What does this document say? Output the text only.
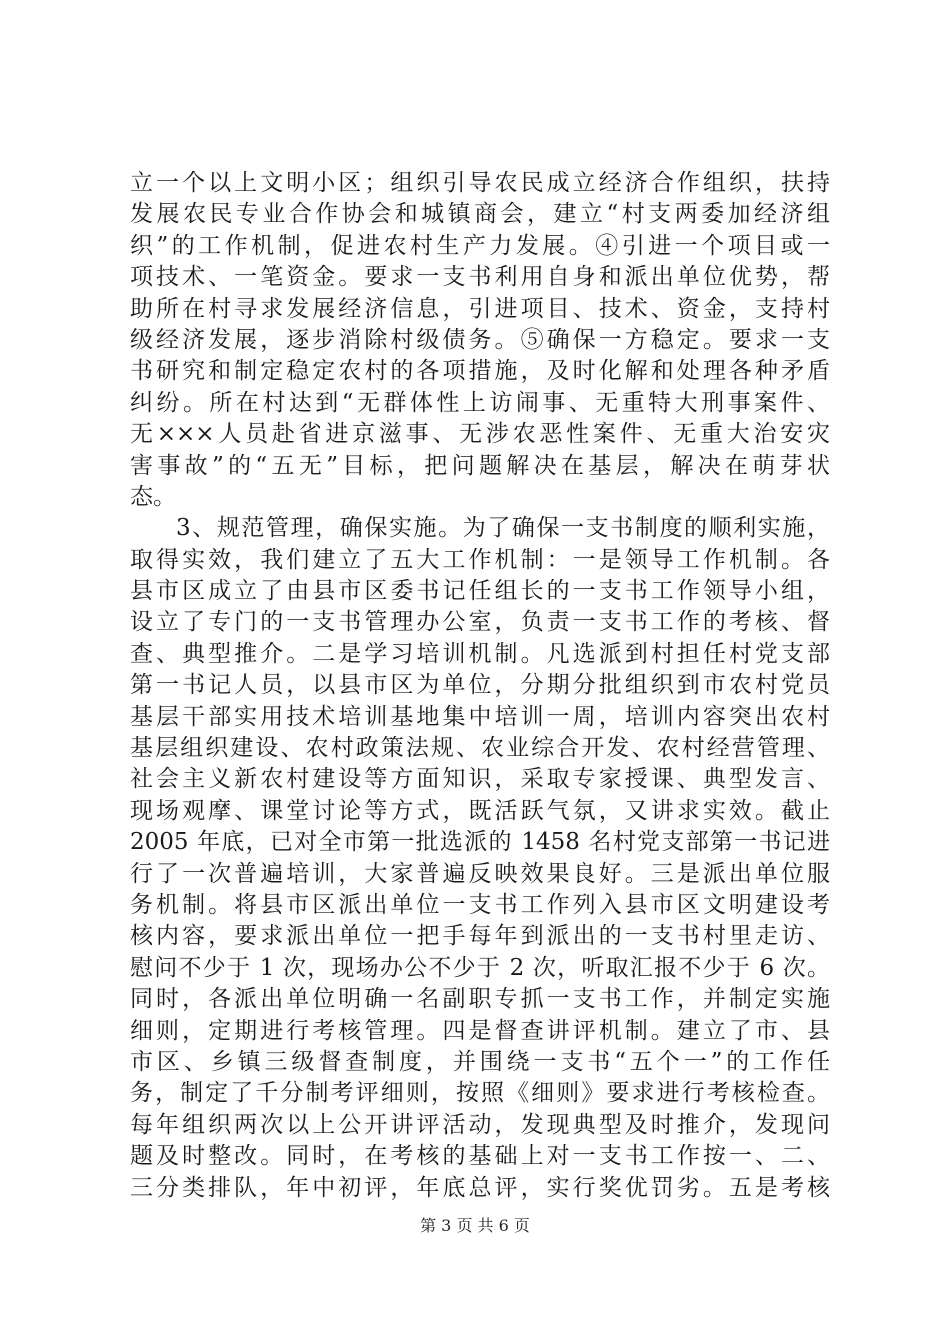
立一个以上文明小区；组织引导农民成立经济合作组织，扶持
发展农民专业合作协会和城镇商会，建立“村支两委加经济组
织”的工作机制，促进农村生产力发展。④引进一个项目或一
项技术、一笔资金。要求一支书利用自身和派出单位优势，帮
助所在村寻求发展经济信息，引进项目、技术、资金，支持村
级经济发展，逐步消除村级债务。⑤确保一方稳定。要求一支
书研究和制定稳定农村的各项措施，及时化解和处理各种矛盾
纠纷。所在村达到“无群体性上访闹事、无重特大刑事案件、
无×××人员赴省进京滋事、无涉农恶性案件、无重大治安灾
害事故”的“五无”目标，把问题解决在基层，解决在萌芽状
态。
3、规范管理，确保实施。为了确保一支书制度的顺利实施，
取得实效，我们建立了五大工作机制：一是领导工作机制。各
县市区成立了由县市区委书记任组长的一支书工作领导小组，
设立了专门的一支书管理办公室，负责一支书工作的考核、督
查、典型推介。二是学习培训机制。凡选派到村担任村党支部
第一书记人员，以县市区为单位，分期分批组织到市农村党员
基层干部实用技术培训基地集中培训一周，培训内容突出农村
基层组织建设、农村政策法规、农业综合开发、农村经营管理、
社会主义新农村建设等方面知识，采取专家授课、典型发言、
现场观摩、课堂讨论等方式，既活跃气氛，又讲求实效。截止
2005 年底，已对全市第一批选派的 1458 名村党支部第一书记进
行了一次普遍培训，大家普遍反映效果良好。三是派出单位服
务机制。将县市区派出单位一支书工作列入县市区文明建设考
核内容，要求派出单位一把手每年到派出的一支书村里走访、
慰问不少于 1 次，现场办公不少于 2 次，听取汇报不少于 6 次。
同时，各派出单位明确一名副职专抓一支书工作，并制定实施
细则，定期进行考核管理。四是督查讲评机制。建立了市、县
市区、乡镇三级督查制度，并围绕一支书“五个一”的工作任
务，制定了千分制考评细则，按照《细则》要求进行考核检查。
每年组织两次以上公开讲评活动，发现典型及时推介，发现问
题及时整改。同时，在考核的基础上对一支书工作按一、二、
三分类排队，年中初评，年底总评，实行奖优罚劣。五是考核
第 3 页 共 6 页
